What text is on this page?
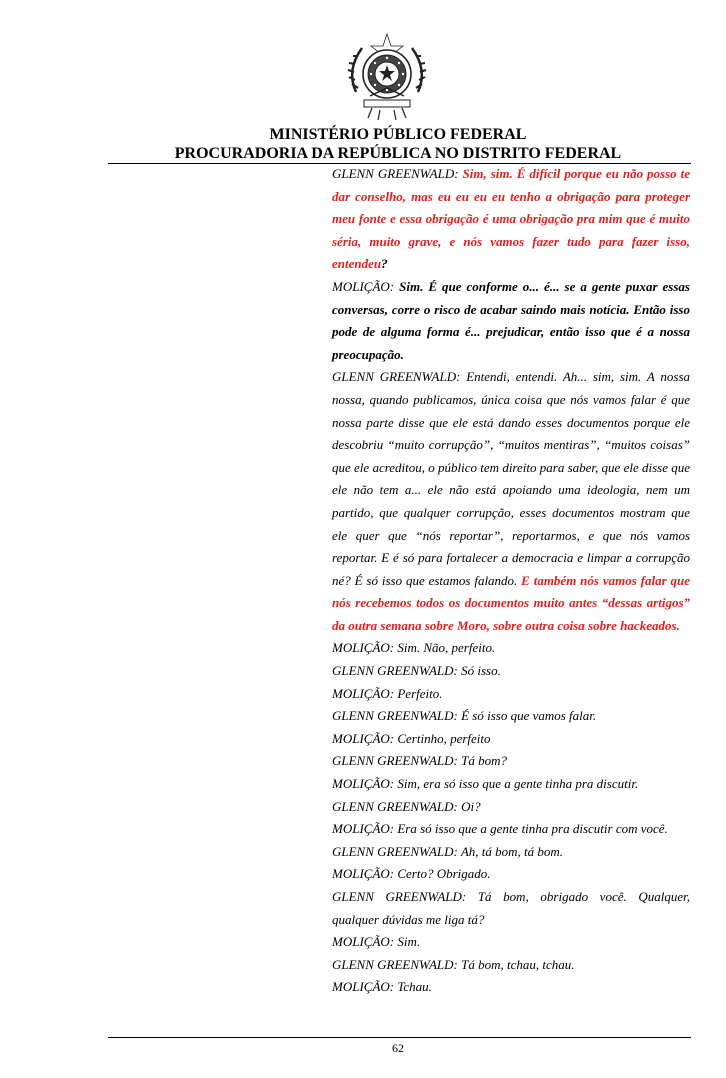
MINISTÉRIO PÚBLICO FEDERAL
PROCURADORIA DA REPÚBLICA NO DISTRITO FEDERAL

GLENN GREENWALD: Sim, sim. É difícil porque eu não posso te dar conselho, mas eu eu eu eu tenho a obrigação para proteger meu fonte e essa obrigação é uma obrigação pra mim que é muito séria, muito grave, e nós vamos fazer tudo para fazer isso, entendeu?

MOLIÇÃO: Sim. É que conforme o... é... se a gente puxar essas conversas, corre o risco de acabar saindo mais notícia. Então isso pode de alguma forma é... prejudicar, então isso que é a nossa preocupação.

GLENN GREENWALD: Entendi, entendi. Ah... sim, sim. A nossa nossa, quando publicamos, única coisa que nós vamos falar é que nossa parte disse que ele está dando esses documentos porque ele descobriu “muito corrupção”, “muitos mentiras”, “muitos coisas” que ele acreditou, o público tem direito para saber, que ele disse que ele não tem a... ele não está apoiando uma ideologia, nem um partido, que qualquer corrupção, esses documentos mostram que ele quer que “nós reportar”, reportarmos, e que nós vamos reportar. E é só para fortalecer a democracia e limpar a corrupção né? É só isso que estamos falando. E também nós vamos falar que nós recebemos todos os documentos muito antes “dessas artigos” da outra semana sobre Moro, sobre outra coisa sobre hackeados.

MOLIÇÃO: Sim. Não, perfeito.

GLENN GREENWALD: Só isso.

MOLIÇÃO: Perfeito.

GLENN GREENWALD: É só isso que vamos falar.

MOLIÇÃO: Certinho, perfeito

GLENN GREENWALD: Tá bom?

MOLIÇÃO: Sim, era só isso que a gente tinha pra discutir.

GLENN GREENWALD: Oi?

MOLIÇÃO: Era só isso que a gente tinha pra discutir com você.

GLENN GREENWALD: Ah, tá bom, tá bom.

MOLIÇÃO: Certo? Obrigado.

GLENN GREENWALD: Tá bom, obrigado você. Qualquer, qualquer dúvidas me liga tá?

MOLIÇÃO: Sim.

GLENN GREENWALD: Tá bom, tchau, tchau.

MOLIÇÃO: Tchau.

62
